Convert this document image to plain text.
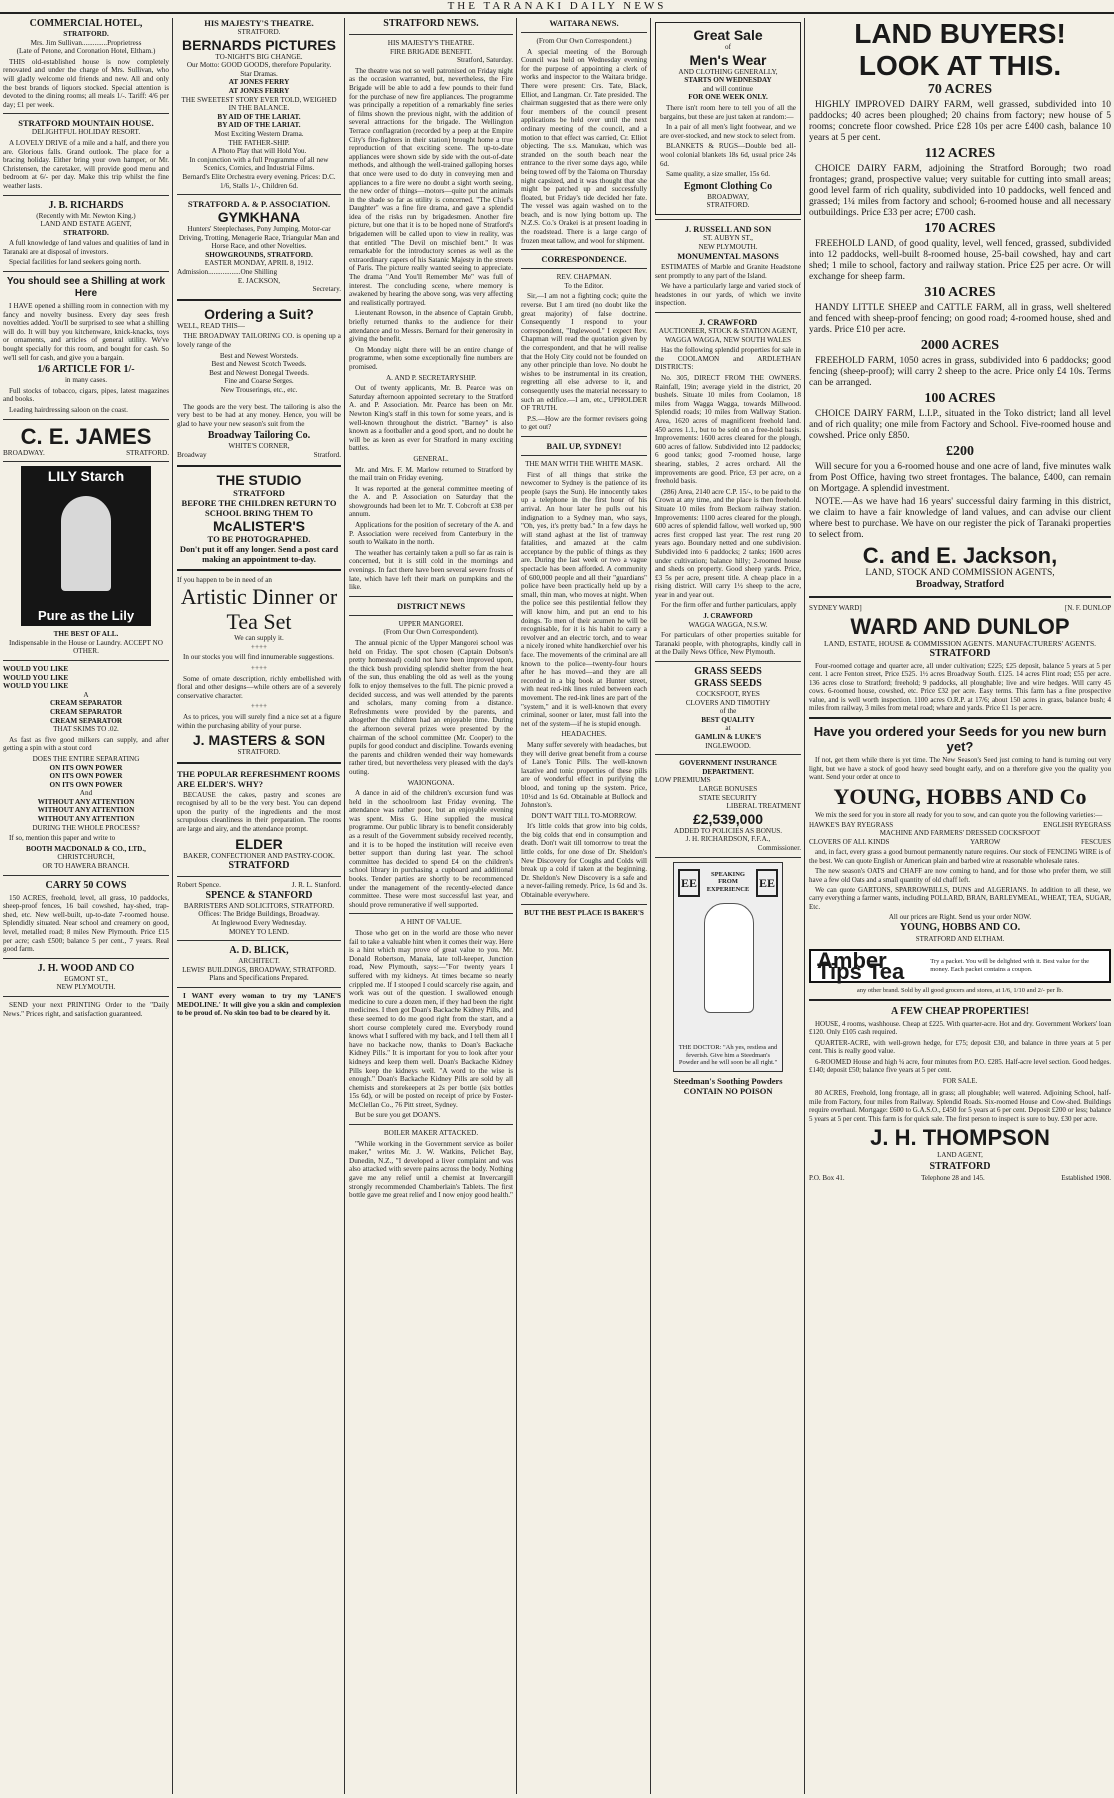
THE TARANAKI DAILY NEWS
COMMERCIAL HOTEL,
STRATFORD.
Mrs. Jim Sullivan..............Proprietress
(Late of Petone, and Coronation Hotel, Eltham.)
THIS old-established house is now completely renovated and under the charge of Mrs. Sullivan, who will gladly welcome old friends and new. All and only the best brands of liquors stocked. Special attention is devoted to the dining rooms; all meals 1/-. Tariff: 4/6 per day; £1 per week.
STRATFORD MOUNTAIN HOUSE.
DELIGHTFUL HOLIDAY RESORT.
A LOVELY DRIVE of a mile and a half, and there you are. Glorious falls. Grand outlook. The place for a bracing holiday. Either bring your own hamper, or Mr. Christensen, the caretaker, will provide good menu and bedroom at 6/- per day. Make this trip whilst the fine weather lasts.
J. B. RICHARDS
(Recently with Mr. Newton King.)
LAND AND ESTATE AGENT,
STRATFORD.
A full knowledge of land values and qualities of land in Taranaki are at disposal of investors.
Special facilities for land seekers going north.
You should see a Shilling at work Here
I HAVE opened a shilling room in connection with my fancy and novelty business. Every day sees fresh novelties added. You'll be surprised to see what a shilling will do. It will buy you kitchenware, knick-knacks, toys or ornaments, and articles of general utility. We've bought specially for this room, and bought for cash. So we'll sell for cash, and give you a bargain.
1/6 ARTICLE FOR 1/-
in many cases.
Full stocks of tobacco, cigars, pipes, latest magazines and books.
Leading hairdressing saloon on the coast.
C. E. JAMES
BROADWAY.	STRATFORD.
LILY Starch
Pure as the Lily
THE BEST OF ALL.
Indispensable in the House or Laundry. ACCEPT NO OTHER.
WOULD YOU LIKE
WOULD YOU LIKE
WOULD YOU LIKE
A
CREAM SEPARATOR
CREAM SEPARATOR
CREAM SEPARATOR
THAT SKIMS TO .02.
As fast as five good milkers can supply, and after getting a spin with a stout cord
DOES THE ENTIRE SEPARATING
ON ITS OWN POWER
ON ITS OWN POWER
ON ITS OWN POWER
And
WITHOUT ANY ATTENTION
WITHOUT ANY ATTENTION
WITHOUT ANY ATTENTION
DURING THE WHOLE PROCESS?
If so, mention this paper and write to
BOOTH MACDONALD & CO., LTD.,
CHRISTCHURCH,
OR TO HAWERA BRANCH.
CARRY 50 COWS
150 ACRES, freehold, level, all grass, 10 paddocks, sheep-proof fences, 16 bail cowshed, hay-shed, trap-shed, etc. New well-built, up-to-date 7-roomed house. Splendidly situated. Near school and creamery on good, level, metalled road; 8 miles New Plymouth. Price £15 per acre; cash £500; balance 5 per cent., 7 years. Real good farm.
J. H. WOOD AND CO
EGMONT ST.,
NEW PLYMOUTH.
SEND your next PRINTING Order to the "Daily News." Prices right, and satisfaction guaranteed.
HIS MAJESTY'S THEATRE.
STRATFORD.
BERNARDS PICTURES
TO-NIGHT'S BIG CHANGE.
Our Motto: GOOD GOODS, therefore Popularity.
Star Dramas.
AT JONES FERRY
AT JONES FERRY
THE SWEETEST STORY EVER TOLD, WEIGHED IN THE BALANCE.
BY AID OF THE LARIAT.
BY AID OF THE LARIAT.
Most Exciting Western Drama.
THE FATHER-SHIP.
A Photo Play that will Hold You.
In conjunction with a full Programme of all new Scenics, Comics, and Industrial Films.
Bernard's Elite Orchestra every evening. Prices: D.C. 1/6, Stalls 1/-, Children 6d.
STRATFORD A. & P. ASSOCIATION.
GYMKHANA
Hunters' Steeplechases, Pony Jumping, Motor-car Driving, Trotting, Menagerie Race, Triangular Man and Horse Race, and other Novelties.
SHOWGROUNDS, STRATFORD.
EASTER MONDAY, APRIL 8, 1912.
Admission..................One Shilling
E. JACKSON,
Secretary.
Ordering a Suit?
WELL, READ THIS—
THE BROADWAY TAILORING CO. is opening up a lovely range of the
Best and Newest Worsteds.
Best and Newest Scotch Tweeds.
Best and Newest Donegal Tweeds.
Fine and Coarse Serges.
New Trouserings, etc., etc.
The goods are the very best. The tailoring is also the very best to be had at any money. Hence, you will be glad to have your new season's suit from the
Broadway Tailoring Co.
WHITE'S CORNER,
Broadway	Stratford.
THE STUDIO
STRATFORD
BEFORE THE CHILDREN RETURN TO SCHOOL BRING THEM TO
McALISTER'S
TO BE PHOTOGRAPHED.
Don't put it off any longer. Send a post card making an appointment to-day.
If you happen to be in need of an
Artistic Dinner or Tea Set
We can supply it.
++++
In our stocks you will find innumerable suggestions.
++++
Some of ornate description, richly embellished with floral and other designs—while others are of a severely conservative character.
++++
As to prices, you will surely find a nice set at a figure within the purchasing ability of your purse.
J. MASTERS & SON
STRATFORD.
THE POPULAR REFRESHMENT ROOMS ARE ELDER'S. WHY?
BECAUSE the cakes, pastry and scones are recognised by all to be the very best. You can depend upon the purity of the ingredients and the most scrupulous cleanliness in their preparation. The rooms are large and airy, and the attendance prompt.
ELDER
BAKER, CONFECTIONER AND PASTRY-COOK.
STRATFORD
Robert Spence.	J. R. L. Stanford.
SPENCE & STANFORD
BARRISTERS AND SOLICITORS, STRATFORD.
Offices: The Bridge Buildings, Broadway.
At Inglewood Every Wednesday.
MONEY TO LEND.
A. D. BLICK,
ARCHITECT.
LEWIS' BUILDINGS, BROADWAY, STRATFORD.
Plans and Specifications Prepared.
I WANT every woman to try my 'LANE'S MEDOLINE.' It will give you a skin and complexion to be proud of. No skin too bad to be cleared by it.
STRATFORD NEWS.
HIS MAJESTY'S THEATRE.
FIRE BRIGADE BENEFIT.
Stratford, Saturday.
The theatre was not so well patronised on Friday night as the occasion warranted, but, nevertheless, the Fire Brigade will be able to add a few pounds to their fund for the purchase of new fire appliances. The programme was principally a repetition of a remarkably fine series of films shown the previous night, with the addition of several attractions for the brigade. The Wellington Terrace conflagration (recorded by a peep at the Empire City's fire-fighters in their station) brought home a true reproduction of that exciting scene. The up-to-date appliances were shown side by side with the out-of-date methods, and although the well-trained galloping horses that once were used to do duty in conveying men and appliances to a fire were no doubt a sight worth seeing, the new order of things—motors—quite put the animals in the shade so far as utility is concerned. "The Chief's Daughter" was a fine fire drama, and gave a splendid idea of the risks run by brigadesmen. Another fire picture, but one that it is to be hoped none of Stratford's brigademen will be called upon to view in reality, was that entitled "The Devil on mischief bent." It was remarkable for the introductory scenes as well as the extraordinary capers of his Satanic Majesty in the streets of Paris. The picture really wanted seeing to appreciate. The drama "And You'll Remember Me" was full of interest. The concluding scene, where memory is awakened by hearing the above song, was very affecting and realistically portrayed.
Lieutenant Rowson, in the absence of Captain Grubb, briefly returned thanks to the audience for their attendance and to Messrs. Bernard for their generosity in giving the benefit.
On Monday night there will be an entire change of programme, when some exceptionally fine numbers are promised.
A. AND P. SECRETARYSHIP.
Out of twenty applicants, Mr. B. Pearce was on Saturday afternoon appointed secretary to the Stratford A. and P. Association. Mr. Pearce has been on Mr. Newton King's staff in this town for some years, and is well-known throughout the district. "Barney" is also known as a footballer and a good sport, and no doubt he will be as keen as ever for Stratford in many exciting battles.
GENERAL.
Mr. and Mrs. F. M. Marlow returned to Stratford by the mail train on Friday evening.
It was reported at the general committee meeting of the A. and P. Association on Saturday that the showgrounds had been let to Mr. T. Cobcroft at £38 per annum.
Applications for the position of secretary of the A. and P. Association were received from Canterbury in the south to Waikato in the north.
The weather has certainly taken a pull so far as rain is concerned, but it is still cold in the mornings and evenings. In fact there have been several severe frosts of late, which have left their mark on pumpkins and the like.
DISTRICT NEWS
UPPER MANGOREI.
(From Our Own Correspondent).
The annual picnic of the Upper Mangorei school was held on Friday. The spot chosen (Captain Dobson's pretty homestead) could not have been improved upon, the thick bush providing splendid shelter from the heat of the sun, thus enabling the old as well as the young folk to enjoy themselves to the full. The picnic proved a decided success, and was well attended by the parents and scholars, many coming from a distance. Refreshments were provided by the parents, and altogether the children had an enjoyable time. During the afternoon several prizes were presented by the chairman of the school committee (Mr. Cooper) to the pupils for good conduct and discipline. Towards evening the parents and children wended their way homewards rather tired, but nevertheless very pleased with the day's outing.
WAIONGONA.
A dance in aid of the children's excursion fund was held in the schoolroom last Friday evening. The attendance was rather poor, but an enjoyable evening was spent. Miss G. Hine supplied the musical programme. Our public library is to benefit considerably as a result of the Government subsidy received recently, and it is to be hoped the institution will receive even better support than during last year. The school committee has decided to spend £4 on the children's school library in purchasing a cupboard and additional books. Tender parties are shortly to be recommenced under the management of the recently-elected dance committee. These were most successful last year, and should prove remunerative if well supported.
A HINT OF VALUE.
Those who get on in the world are those who never fail to take a valuable hint when it comes their way. Here is a hint which may prove of great value to you. Mr. Donald Robertson, Manaia, late toll-keeper, Junction road, New Plymouth, says:—"For twenty years I suffered with my kidneys. At times became so nearly crippled me. If I stooped I could scarcely rise again, and work was out of the question. I swallowed enough medicine to cure a dozen men, if they had been the right medicines. I then got Doan's Backache Kidney Pills, and these seemed to do me good right from the start, and a short course completely cured me. Everybody round knows what I suffered with my back, and I tell them all I have no backache now, thanks to Doan's Backache Kidney Pills." It is important for you to look after your kidneys and keep them well. Doan's Backache Kidney Pills keep the kidneys well. "A word to the wise is enough." Doan's Backache Kidney Pills are sold by all chemists and storekeepers at 2s per bottle (six bottles 15s 6d), or will be posted on receipt of price by Foster-McClellan Co., 76 Pitt street, Sydney.
But be sure you get DOAN'S.
BOILER MAKER ATTACKED.
"While working in the Government service as boiler maker," writes Mr. J. W. Watkins, Pelichet Bay, Dunedin, N.Z., "I developed a liver complaint and was also attacked with severe pains across the body. Nothing gave me any relief until a chemist at Invercargill strongly recommended Chamberlain's Tablets. The first bottle gave me great relief and I now enjoy good health."
WAITARA NEWS.
(From Our Own Correspondent.)
A special meeting of the Borough Council was held on Wednesday evening for the purpose of appointing a clerk of works and inspector to the Waitara bridge. There were present: Crs. Tate, Black, Elliot, and Langman. Cr. Tate presided. The chairman suggested that as there were only four members of the council present applications be held over until the next ordinary meeting of the council, and a motion to that effect was carried, Cr. Elliot objecting. The s.s. Manukau, which was stranded on the south beach near the entrance to the river some days ago, while being towed off by the Taioma on Thursday night capsized, and it was thought that she might be patched up and successfully floated, but Friday's tide decided her fate. The vessel was again washed on to the beach, and is now lying bottom up. The N.Z.S. Co.'s Orakei is at present loading in the roadstead. There is a large cargo of frozen meat tallow, and wool for shipment.
CORRESPONDENCE.
REV. CHAPMAN.
To the Editor.
Sir,—I am not a fighting cock; quite the reverse. But I am tired (no doubt like the great majority) of false doctrine. Consequently I respond to your correspondent, "Inglewood." I expect Rev. Chapman will read the quotation given by the correspondent, and that he will realise that the Holy City could not be founded on any other principle than love. No doubt he wishes to be instrumental in its creation, regretting all else adverse to it, and consequently uses the material necessary to such an edifice.—I am, etc., UPHOLDER OF TRUTH.
P.S.—How are the former revisers going to get out?
BAIL UP, SYDNEY!
THE MAN WITH THE WHITE MASK.
First of all things that strike the newcomer to Sydney is the patience of its people (says the Sun). He innocently takes up a telephone in the first hour of his arrival. An hour later he pulls out his indignation to a Sydney man, who says, "Oh, yes, it's pretty bad." In a few days he will stand aghast at the list of tramway fatalities, and amazed at the calm acceptance by the public of things as they are. During the last week or two a vague spectacle has been afforded. A community of 600,000 people and all their "guardians" police have been practically held up by a small, thin man, who moves at night. When the police see this pestilential fellow they will know him, and put an end to his doings. To men of their acumen he will be recognisable, for it is his habit to carry a revolver and an electric torch, and to wear a nicely ironed white handkerchief over his face. The movements of the criminal are all known to the police—twenty-four hours after he has moved—and they are all recorded in a big book at Hunter street, with neat red-ink lines ruled between each movement. The red-ink lines are part of the "system," and it is well-known that every criminal, sooner or later, must fall into the net of the system—if he is stupid enough.
HEADACHES.
Many suffer severely with headaches, but they will derive great benefit from a course of Lane's Tonic Pills. The well-known laxative and tonic properties of these pills are of wonderful effect in purifying the blood, and toning up the system. Price, 10½d and 1s 6d. Obtainable at Bullock and Johnston's.
DON'T WAIT TILL TO-MORROW.
It's little colds that grow into big colds, the big colds that end in consumption and death. Don't wait till tomorrow to treat the little colds, for one dose of Dr. Sheldon's New Discovery for Coughs and Colds will break up a cold if taken at the beginning. Dr. Sheldon's New Discovery is a safe and a never-failing remedy. Price, 1s 6d and 3s. Obtainable everywhere.
BUT THE BEST PLACE IS BAKER'S
Great Sale
of
Men's Wear
AND CLOTHING GENERALLY,
STARTS ON WEDNESDAY
and will continue
FOR ONE WEEK ONLY.
There isn't room here to tell you of all the bargains, but these are just taken at random:—
In a pair of all men's light footwear, and we are over-stocked, and new stock to select from.
BLANKETS & RUGS—Double bed all-wool colonial blankets 18s 6d, usual price 24s 6d.
Same quality, a size smaller, 15s 6d.
Egmont Clothing Co
BROADWAY,
STRATFORD.
J. RUSSELL AND SON
ST. AUBYN ST.,
NEW PLYMOUTH.
MONUMENTAL MASONS
ESTIMATES of Marble and Granite Headstone sent promptly to any part of the Island.
We have a particularly large and varied stock of headstones in our yards, of which we invite inspection.
J. CRAWFORD
AUCTIONEER, STOCK & STATION AGENT,
WAGGA WAGGA, NEW SOUTH WALES
Has the following splendid properties for sale in the COOLAMON and ARDLETHAN DISTRICTS:
No. 305, DIRECT FROM THE OWNERS. Rainfall, 19in; average yield in the district, 20 bushels. Situate 10 miles from Coolamon, 18 miles from Wagga Wagga, towards Millwood. Splendid roads; 10 miles from Wallway Station. Area, 1620 acres of magnificent freehold land. 450 acres 1.1., but to be sold on a free-hold basis. Improvements: 1600 acres cleared for the plough, 600 acres of fallow. Subdivided into 12 paddocks; 6 good tanks; good 7-roomed house, large shearing, stables, 2 acres orchard. All the improvements are good. Price, £3 per acre, on a freehold basis.
(286) Area, 2140 acre C.P. 15/-, to be paid to the Crown at any time, and the place is then freehold. Situate 10 miles from Beckom railway station. Improvements: 1100 acres cleared for the plough, 600 acres of splendid fallow, well worked up, 900 acres first cropped last year. The rest rung 20 years ago. Boundary netted and one subdivision. Subdivided into 6 paddocks; 2 tanks; 1600 acres under cultivation; balance hilly; 2-roomed house and sheds on property. Good sheep yards. Price, £3 5s per acre, present title. A cheap place in a rising district. Will carry 1½ sheep to the acre, year in and year out.
For the firm offer and further particulars, apply
J. CRAWFORD
WAGGA WAGGA, N.S.W.
For particulars of other properties suitable for Taranaki people, with photographs, kindly call in at the Daily News Office, New Plymouth.
GRASS SEEDS
GRASS SEEDS
COCKSFOOT, RYES
CLOVERS AND TIMOTHY
of the
BEST QUALITY
at
GAMLIN & LUKE'S
INGLEWOOD.
GOVERNMENT INSURANCE DEPARTMENT.
LOW PREMIUMS
LARGE BONUSES
STATE SECURITY
LIBERAL TREATMENT
£2,539,000
ADDED TO POLICIES AS BONUS.
J. H. RICHARDSON, F.F.A.,
Commissioner.
EE	EE
SPEAKING FROM EXPERIENCE
THE DOCTOR: "Ah yes, restless and feverish. Give him a Steedman's Powder and he will soon be all right."
Steedman's Soothing Powders
CONTAIN NO POISON
LAND BUYERS!
LOOK AT THIS.
70 ACRES
HIGHLY IMPROVED DAIRY FARM, well grassed, subdivided into 10 paddocks; 40 acres been ploughed; 20 chains from factory; new house of 5 rooms; concrete floor cowshed. Price £28 10s per acre £400 cash, balance 10 years at 5 per cent.
112 ACRES
CHOICE DAIRY FARM, adjoining the Stratford Borough; two road frontages; grand, prospective value; very suitable for cutting into small areas; good level farm of rich quality, subdivided into 10 paddocks, well fenced and grassed; 1¼ miles from factory and school; 6-roomed house and all necessary outbuildings. Price £33 per acre; £700 cash.
170 ACRES
FREEHOLD LAND, of good quality, level, well fenced, grassed, subdivided into 12 paddocks, well-built 8-roomed house, 25-bail cowshed, hay and cart shed; 1 mile to school, factory and railway station. Price £25 per acre. Or will exchange for sheep farm.
310 ACRES
HANDY LITTLE SHEEP and CATTLE FARM, all in grass, well sheltered and fenced with sheep-proof fencing; on good road; 4-roomed house, shed and yards. Price £10 per acre.
2000 ACRES
FREEHOLD FARM, 1050 acres in grass, subdivided into 6 paddocks; good fencing (sheep-proof); will carry 2 sheep to the acre. Price only £4 10s. Terms can be arranged.
100 ACRES
CHOICE DAIRY FARM, L.I.P., situated in the Toko district; land all level and of rich quality; one mile from Factory and School. Five-roomed house and cowshed. Price only £850.
£200
Will secure for you a 6-roomed house and one acre of land, five minutes walk from Post Office, having two street frontages. The balance, £400, can remain on Mortgage. A splendid investment.
NOTE.—As we have had 16 years' successful dairy farming in this district, we claim to have a fair knowledge of land values, and can advise our client where best to purchase. We have on our register the pick of Taranaki properties to select from.
C. and E. Jackson,
LAND, STOCK AND COMMISSION AGENTS,
Broadway, Stratford
SYDNEY WARD]	[N. F. DUNLOP
WARD AND DUNLOP
LAND, ESTATE, HOUSE & COMMISSION AGENTS. MANUFACTURERS' AGENTS.
STRATFORD
Four-roomed cottage and quarter acre, all under cultivation; £225; £25 deposit, balance 5 years at 5 per cent. 1 acre Fenton street, Price £525. 1½ acres Broadway South. £125. 14 acres Flint road; £55 per acre. 136 acres close to Stratford; freehold; 9 paddocks, all ploughable; live and wire hedges. Will carry 45 cows. 6-roomed house, cowshed, etc. Price £32 per acre. Easy terms. This farm has a fine prospective value, and is well worth inspection. 1100 acres O.R.P. at 17/6; about 150 acres in grass, balance bush; 4 miles from railway, 3 miles from metal road; whare and yards. Price £1 1s per acre.
Have you ordered your Seeds for you new burn yet?
If not, get them while there is yet time. The New Season's Seed just coming to hand is turning out very light, but we have a stock of good heavy seed bought early, and on a therefore give you the quality you want. Send your order at once to
YOUNG, HOBBS AND Co
We mix the seed for you in store all ready for you to sow, and can quote you the following varieties:—
HAWKE'S BAY RYEGRASS	ENGLISH RYEGRASS
MACHINE AND FARMERS' DRESSED COCKSFOOT
CLOVERS OF ALL KINDS	YARROW	FESCUES
and, in fact, every grass a good burnout permanently nature requires. Our stock of FENCING WIRE is of the best. We can quote English or American plain and barbed wire at reasonable wholesale rates.
The new season's OATS and CHAFF are now coming to hand, and for those who prefer them, we still have a few old Oats and a small quantity of old chaff left.
We can quote GARTONS, SPARROWBILLS, DUNS and ALGERIANS. In addition to all these, we carry everything a farmer wants, including POLLARD, BRAN, BARLEYMEAL, WHEAT, TEA, SUGAR, Etc.
All our prices are Right. Send us your order NOW.
YOUNG, HOBBS AND CO.
STRATFORD AND ELTHAM.
Amber Tips Tea	Try a packet. You will be delighted with it. Best value for the money. Each packet contains a coupon.
any other brand. Sold by all good grocers and stores, at 1/6, 1/10 and 2/- per lb.
A FEW CHEAP PROPERTIES!
HOUSE, 4 rooms, washhouse. Cheap at £225. With quarter-acre. Hot and dry. Government Workers' loan £120. Only £105 cash required.
QUARTER-ACRE, with well-grown hedge, for £75; deposit £30, and balance in three years at 5 per cent. This is really good value.
6-ROOMED House and high ¼ acre, four minutes from P.O. £285. Half-acre level section. Good hedges. £140; deposit £50; balance five years at 5 per cent.
FOR SALE.
80 ACRES, Freehold, long frontage, all in grass; all ploughable; well watered. Adjoining School, half-mile from Factory, four miles from Railway. Splendid Roads. Six-roomed House and Cow-shed. Buildings require overhaul. Mortgage: £600 to G.A.S.O., £450 for 5 years at 6 per cent. Deposit £200 or less; balance 5 years at 5 per cent. This farm is for quick sale. The first person to inspect is sure to buy. £30 per acre.
J. H. THOMPSON
LAND AGENT,
STRATFORD
P.O. Box 41.	Telephone 28 and 145.	Established 1908.
